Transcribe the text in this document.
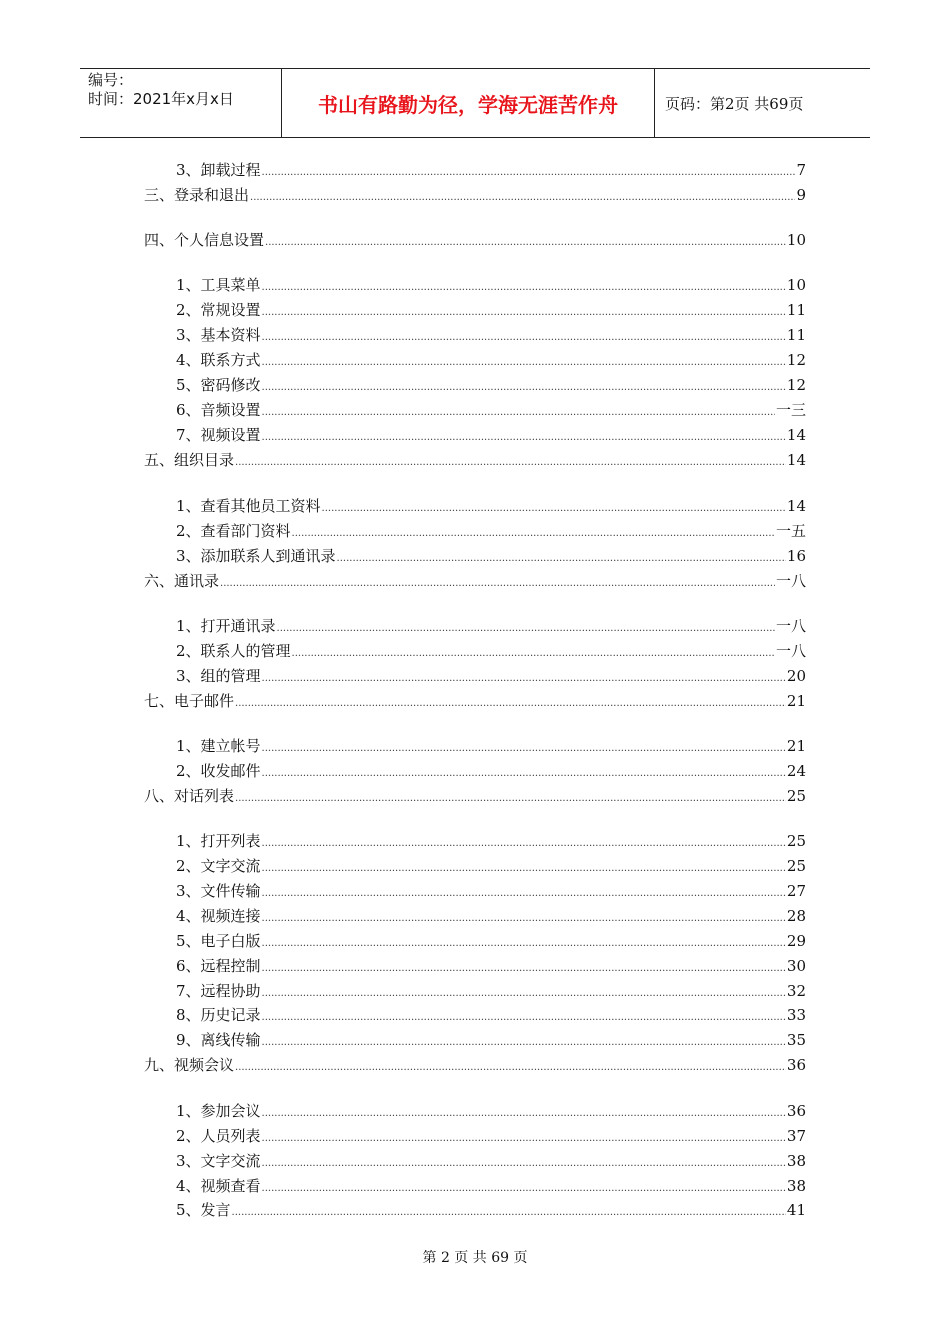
编号：
时间：2021年x月x日	书山有路勤为径，学海无涯苦作舟	页码：第2页 共69页
3、卸载过程 .....	7
三、登录和退出 .....	9
四、个人信息设置 .....	10
1、工具菜单 .....	10
2、常规设置 .....	11
3、基本资料 .....	11
4、联系方式 .....	12
5、密码修改 .....	12
6、音频设置 .....	一三
7、视频设置 .....	14
五、组织目录 .....	14
1、查看其他员工资料 .....	14
2、查看部门资料 .....	一五
3、添加联系人到通讯录 .....	16
六、通讯录 .....	一八
1、打开通讯录 .....	一八
2、联系人的管理 .....	一八
3、组的管理 .....	20
七、电子邮件 .....	21
1、建立帐号 .....	21
2、收发邮件 .....	24
八、对话列表 .....	25
1、打开列表 .....	25
2、文字交流 .....	25
3、文件传输 .....	27
4、视频连接 .....	28
5、电子白版 .....	29
6、远程控制 .....	30
7、远程协助 .....	32
8、历史记录 .....	33
9、离线传输 .....	35
九、视频会议 .....	36
1、参加会议 .....	36
2、人员列表 .....	37
3、文字交流 .....	38
4、视频查看 .....	38
5、发言 .....	41
第 2 页 共 69 页
